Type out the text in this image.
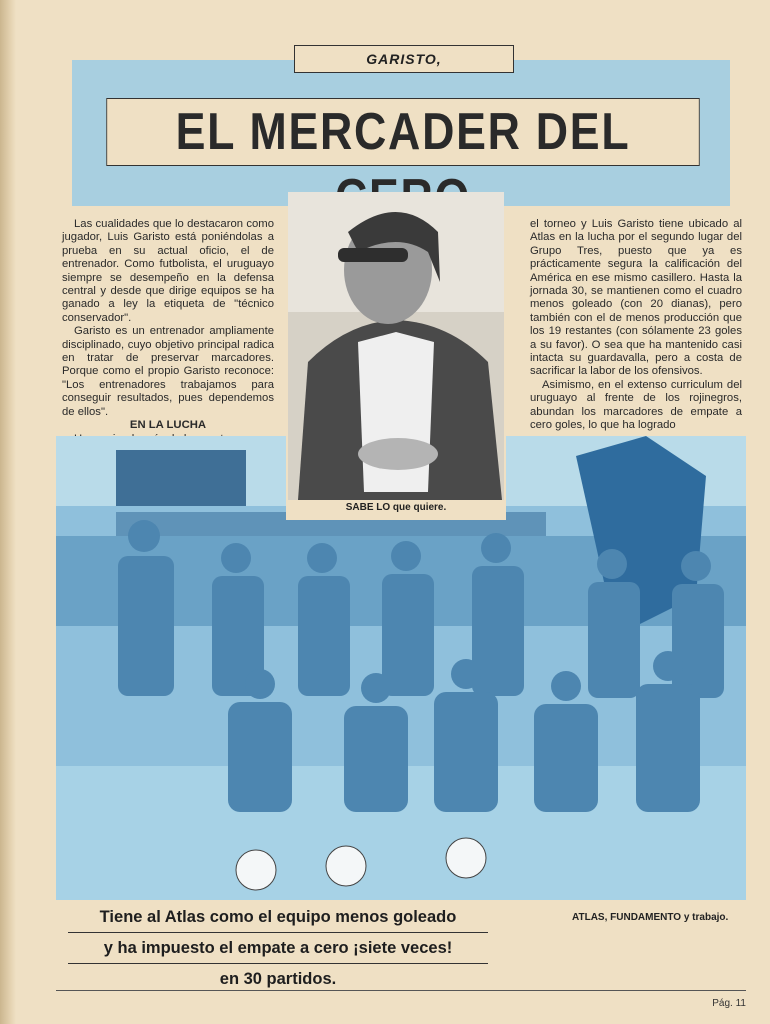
GARISTO,
EL MERCADER DEL

Las cualidades que lo destacaron como jugador, Luis Garisto está poniéndolas a prueba en su actual oficio, el de entrenador. Como futbolista, el uruguayo siempre se desempeño en la defensa central y desde que dirige equipos se ha ganado a ley la etiqueta de "técnico conservador".

Garisto es un entrenador ampliamente disciplinado, cuyo objetivo principal radica en tratar de preservar marcadores. Porque como el propio Garisto reconoce: "Los entrenadores trabajamos para conseguir resultados, pues dependemos de ellos".

EN LA LUCHA

SABE LO que quiere.

el torneo y Luis Garisto tiene ubicado al Atlas en la lucha por el segundo lugar del Grupo Tres, puesto que ya es prácticamente segura la calificación del América en ese mismo casillero. Hasta la jornada 30, se mantienen como el cuadro menos goleado (con 20 dianas), pero también con el de menos producción que los 19 restantes (con sólamente 23 goles a su favor). O sea que ha mantenido casi intacta su guardavalla, pero a costa de sacrificar la labor de los ofensivos.

Asimismo, en el extenso curriculum del uruguayo al frente de los rojinegros, abundan los marcadores de empate a cero goles, lo que ha logrado

Tiene al Atlas como el equipo menos goleado
y ha impuesto el empate a cero ¡siete veces!
en 30 partidos.
ATLAS, FUNDAMENTO y trabajo.
Pág. 11
